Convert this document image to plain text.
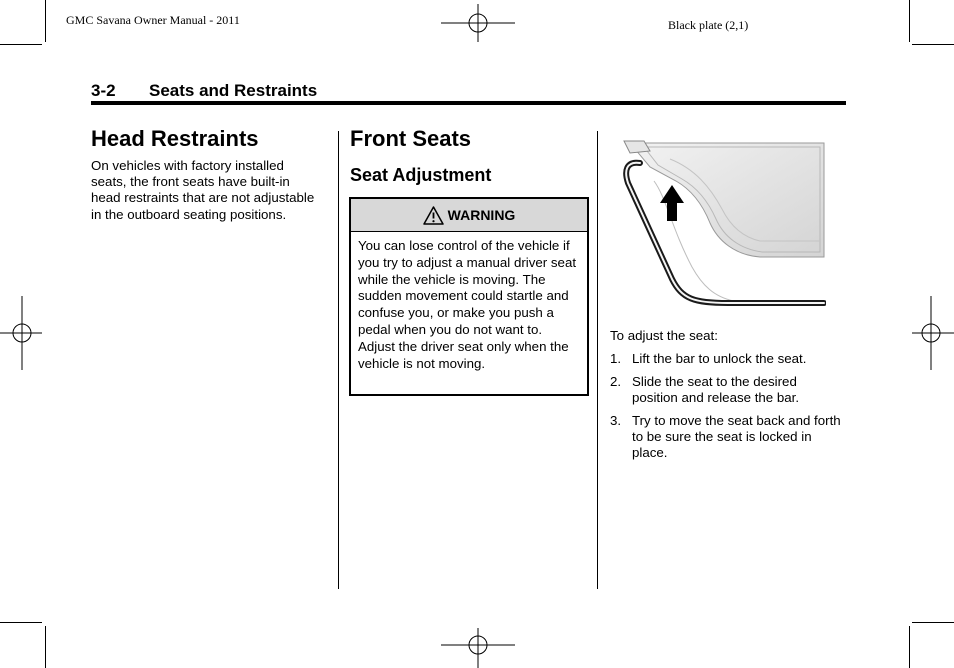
GMC Savana Owner Manual - 2011	Black plate (2,1)
3-2 Seats and Restraints
Head Restraints
On vehicles with factory installed seats, the front seats have built-in head restraints that are not adjustable in the outboard seating positions.
Front Seats
Seat Adjustment
WARNING
You can lose control of the vehicle if you try to adjust a manual driver seat while the vehicle is moving. The sudden movement could startle and confuse you, or make you push a pedal when you do not want to. Adjust the driver seat only when the vehicle is not moving.
To adjust the seat:
1. Lift the bar to unlock the seat.
2. Slide the seat to the desired position and release the bar.
3. Try to move the seat back and forth to be sure the seat is locked in place.
